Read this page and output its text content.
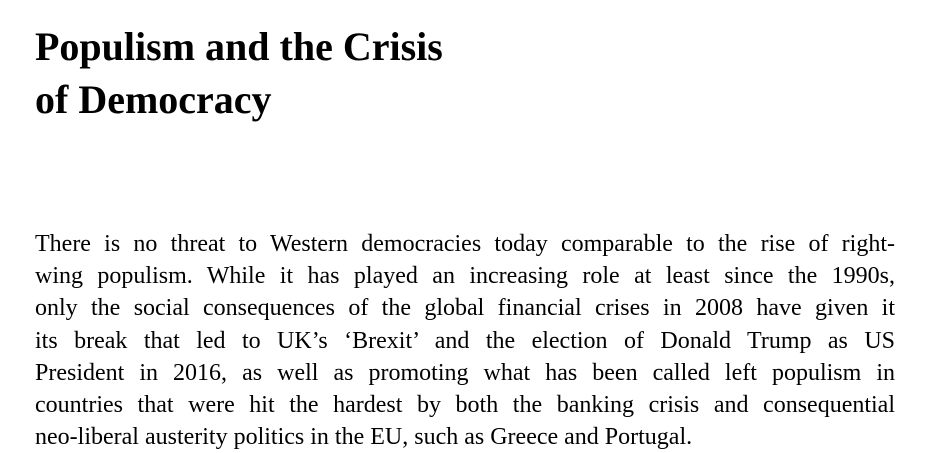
Populism and the Crisis
of Democracy

There is no threat to Western democracies today comparable to the rise of right-
wing populism. While it has played an increasing role at least since the 1990s,
only the social consequences of the global financial crises in 2008 have given it
its break that led to UK’s ‘Brexit’ and the election of Donald Trump as US
President in 2016, as well as promoting what has been called left populism in
countries that were hit the hardest by both the banking crisis and consequential
neo-liberal austerity politics in the EU, such as Greece and Portugal.
